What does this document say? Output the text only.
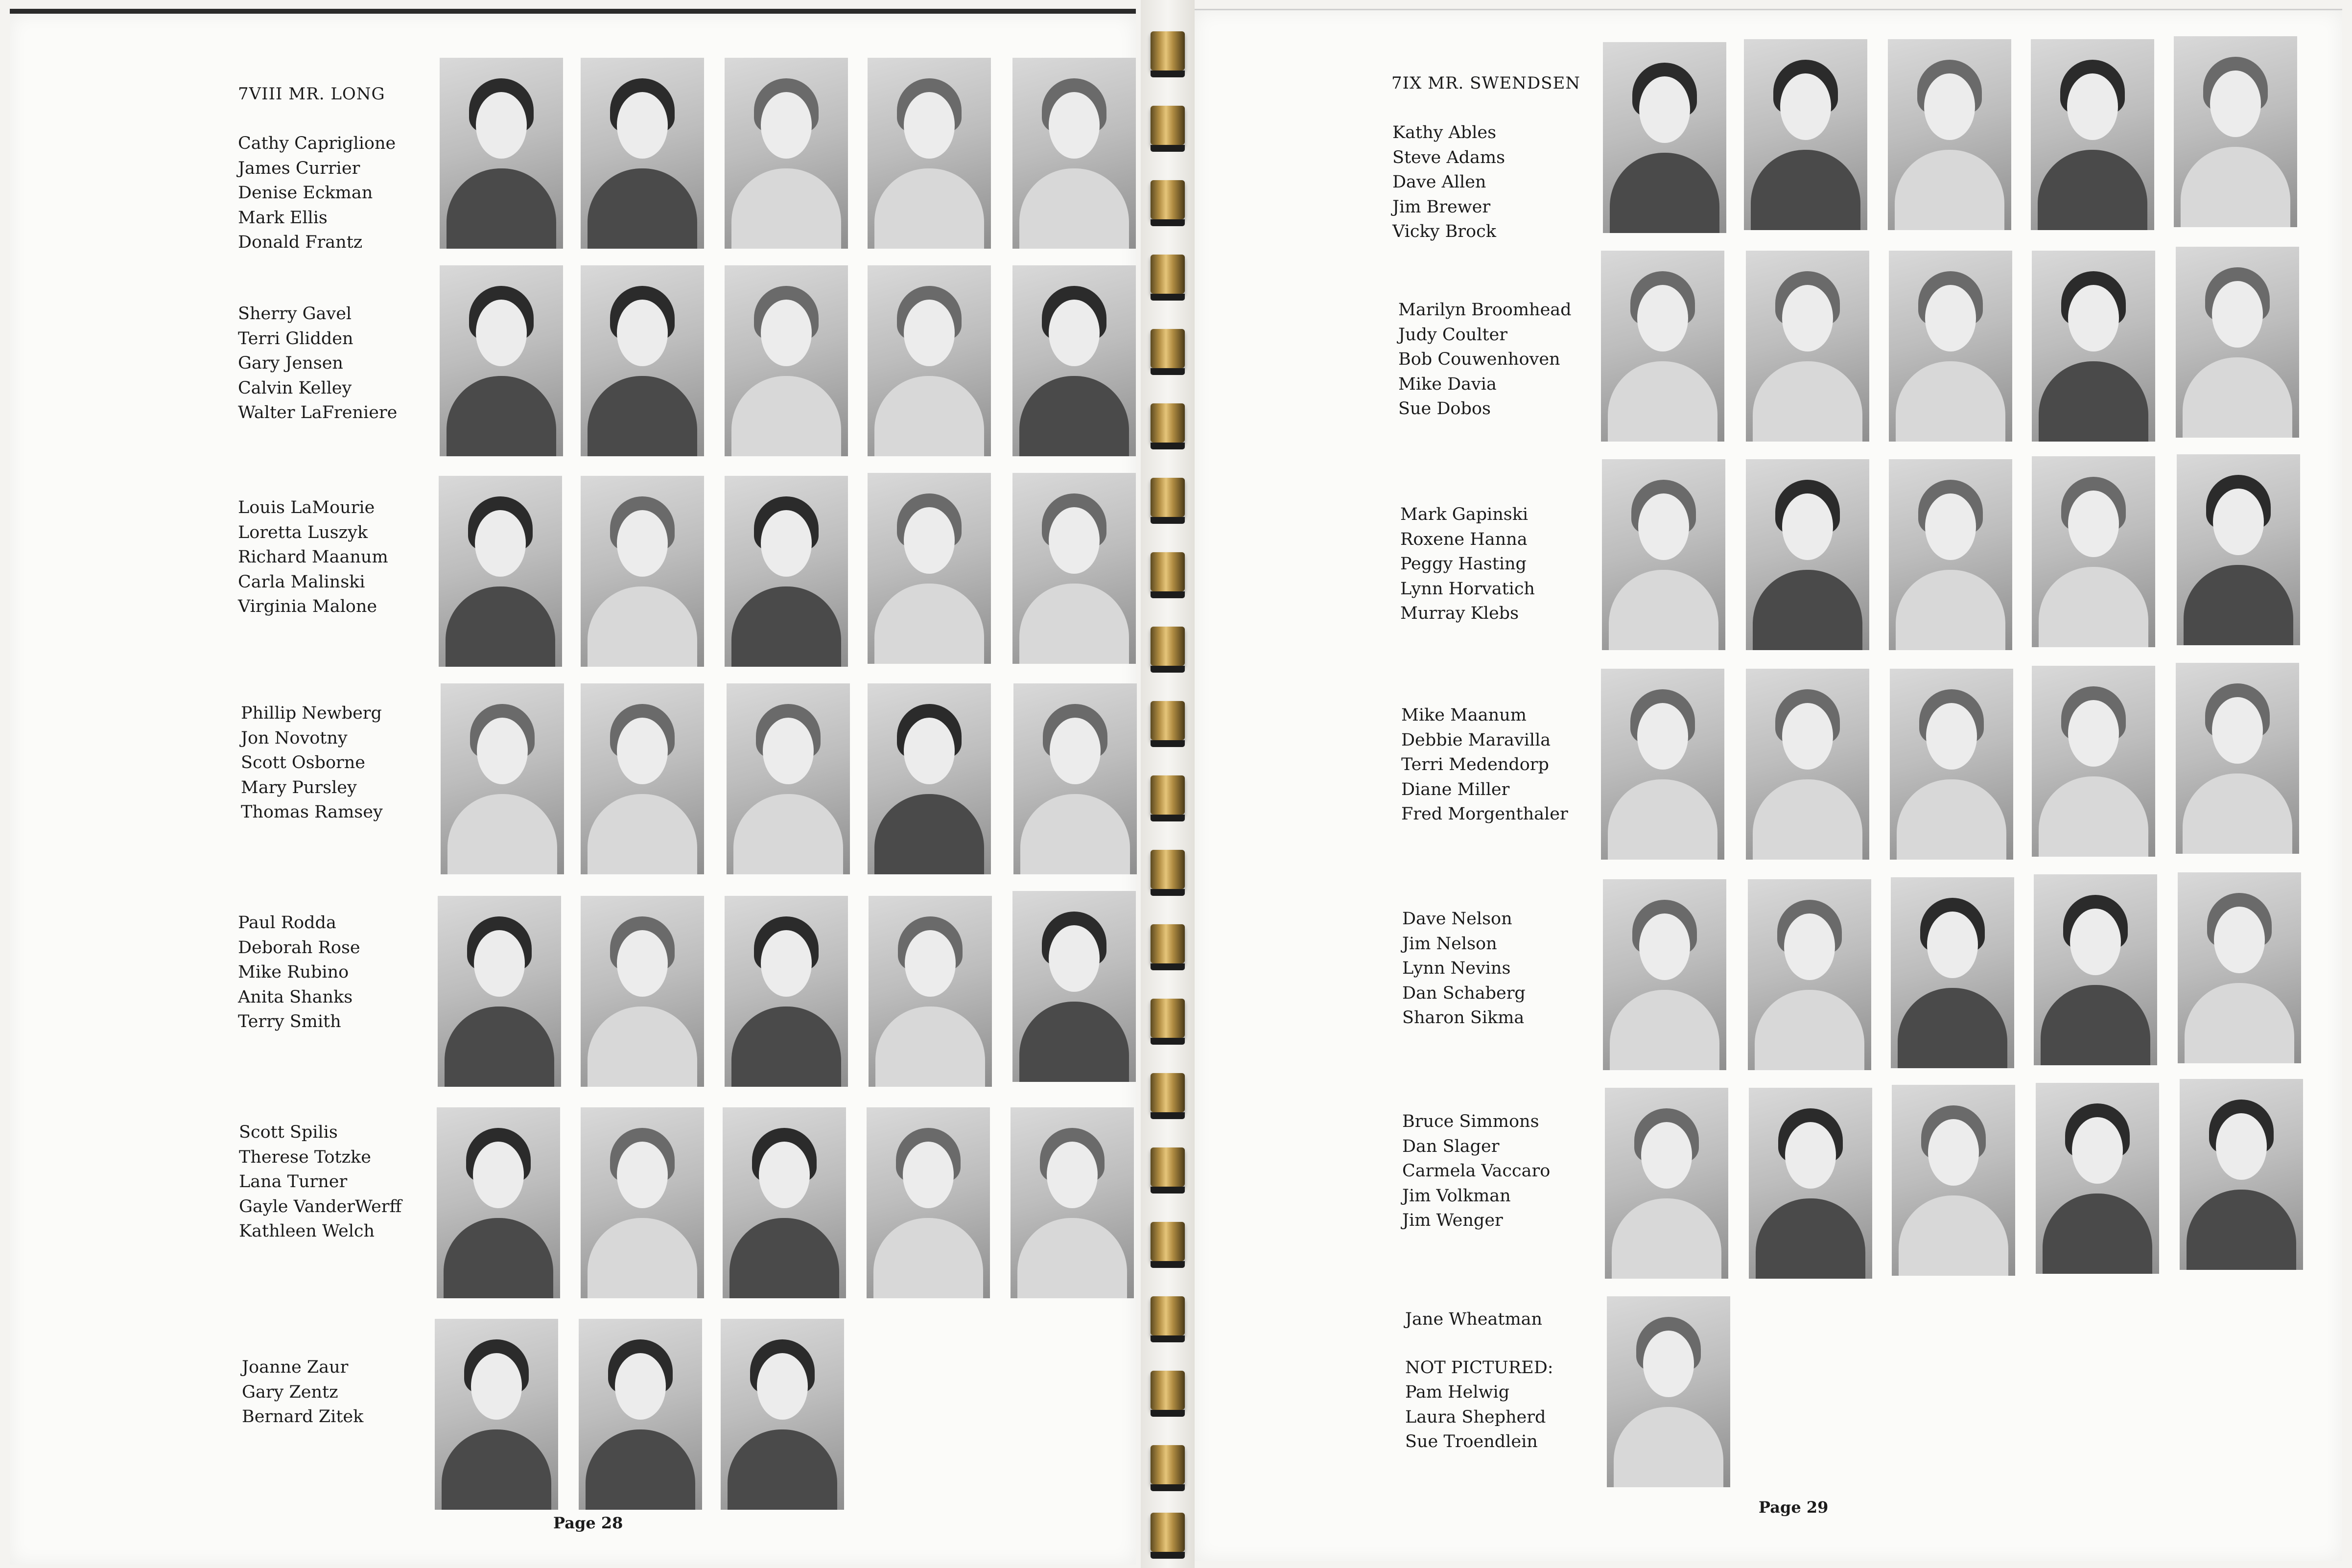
7VIII MR. LONG
Cathy Capriglione
James Currier
Denise Eckman
Mark Ellis
Donald Frantz
Sherry Gavel
Terri Glidden
Gary Jensen
Calvin Kelley
Walter LaFreniere
Louis LaMourie
Loretta Luszyk
Richard Maanum
Carla Malinski
Virginia Malone
Phillip Newberg
Jon Novotny
Scott Osborne
Mary Pursley
Thomas Ramsey
Paul Rodda
Deborah Rose
Mike Rubino
Anita Shanks
Terry Smith
Scott Spilis
Therese Totzke
Lana Turner
Gayle VanderWerff
Kathleen Welch
Joanne Zaur
Gary Zentz
Bernard Zitek
Page 28
7IX MR. SWENDSEN
Kathy Ables
Steve Adams
Dave Allen
Jim Brewer
Vicky Brock
Marilyn Broomhead
Judy Coulter
Bob Couwenhoven
Mike Davia
Sue Dobos
Mark Gapinski
Roxene Hanna
Peggy Hasting
Lynn Horvatich
Murray Klebs
Mike Maanum
Debbie Maravilla
Terri Medendorp
Diane Miller
Fred Morgenthaler
Dave Nelson
Jim Nelson
Lynn Nevins
Dan Schaberg
Sharon Sikma
Bruce Simmons
Dan Slager
Carmela Vaccaro
Jim Volkman
Jim Wenger
Jane Wheatman
NOT PICTURED:
Pam Helwig
Laura Shepherd
Sue Troendlein
Page 29
